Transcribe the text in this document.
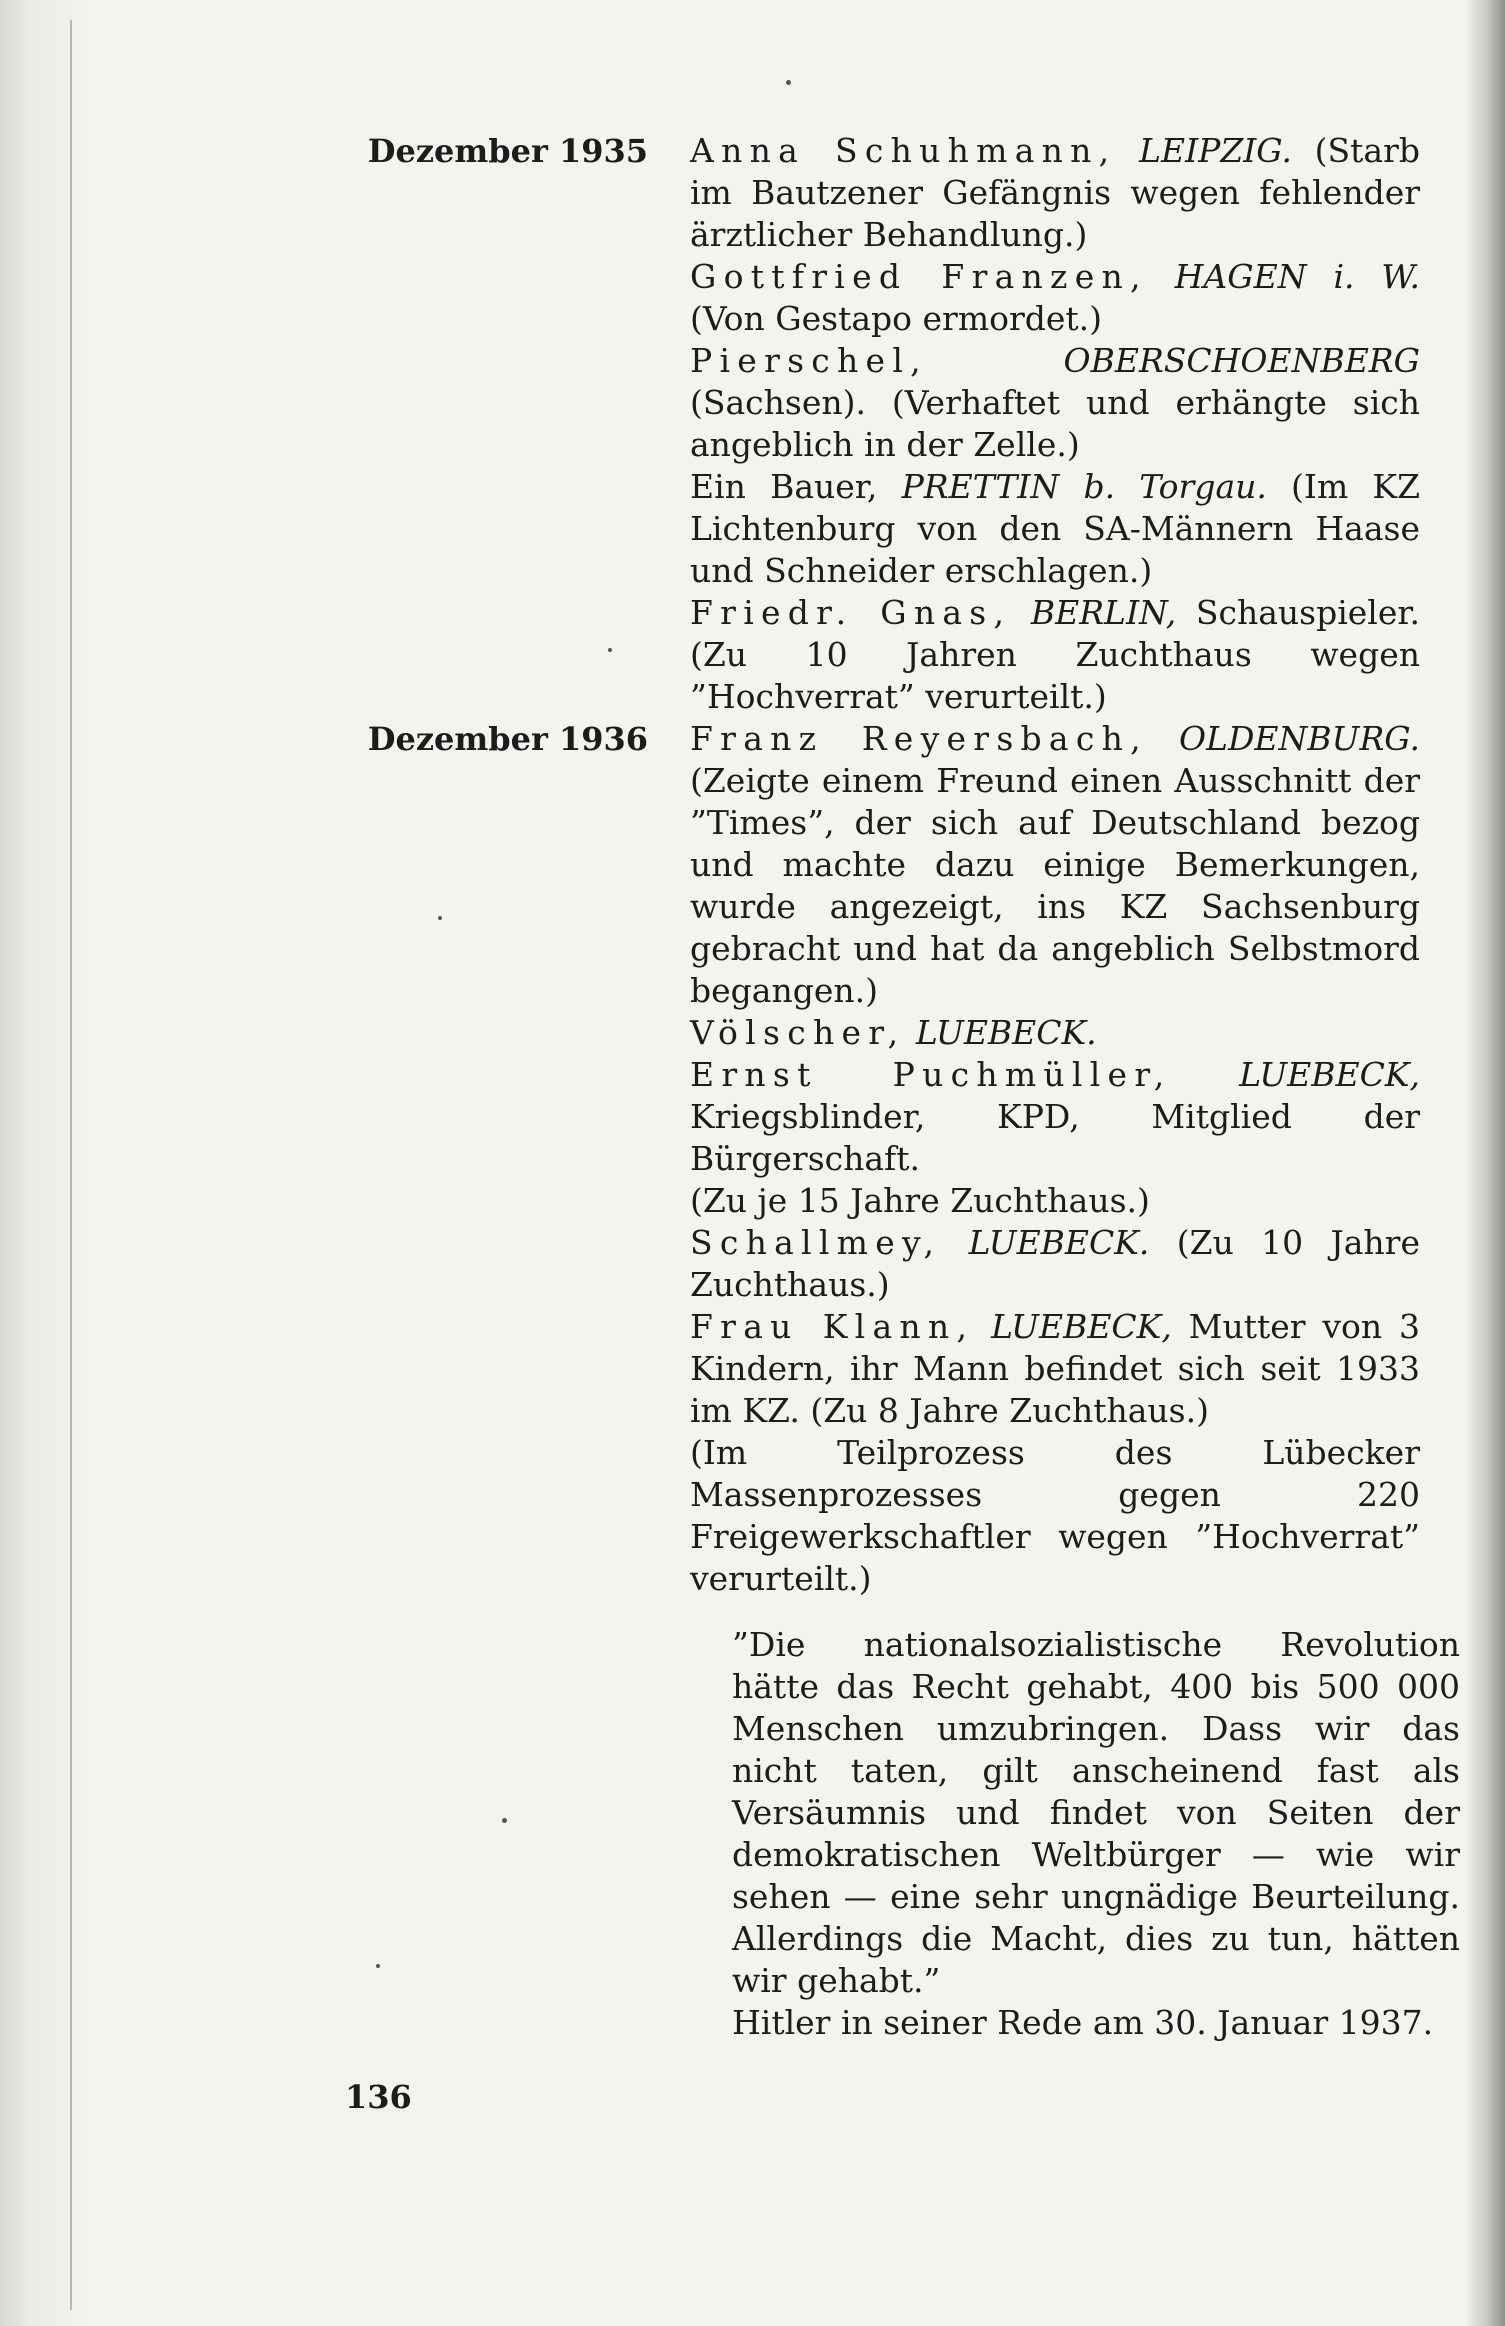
Dezember 1935	Anna Schuhmann, LEIPZIG. (Starb im Bautzener Gefängnis wegen fehlender ärztlicher Behandlung.)

Gottfried Franzen, HAGEN i. W. (Von Gestapo ermordet.)

Pierschel,	OBERSCHOENBERG (Sachsen). (Verhaftet und erhängte sich angeblich in der Zelle.)

Ein Bauer, PRETTIN b. Torgau. (Im KZ Lichtenburg von den SA-Männern Haase und Schneider erschlagen.)

Friedr. Gnas, BERLIN, Schauspieler. (Zu 10 Jahren Zuchthaus wegen ”Hochverrat” verurteilt.)

Dezember 1936	Franz Reyersbach, OLDENBURG. (Zeigte einem Freund einen Ausschnitt der ”Times”, der sich auf Deutschland bezog und machte dazu einige Bemerkungen, wurde angezeigt, ins KZ Sachsenburg gebracht und hat da angeblich Selbstmord begangen.)

Völscher, LUEBECK.

Ernst Puchmüller, LUEBECK, Kriegsblinder, KPD, Mitglied der Bürgerschaft.

(Zu je 15 Jahre Zuchthaus.)

Schallmey, LUEBECK. (Zu 10 Jahre Zuchthaus.)

Frau Klann, LUEBECK, Mutter von 3 Kindern, ihr Mann befindet sich seit 1933 im KZ. (Zu 8 Jahre Zuchthaus.)

(Im Teilprozess des Lübecker Massenprozesses gegen 220 Freigewerkschaftler wegen ”Hochverrat” verurteilt.)

”Die nationalsozialistische Revolution hätte das Recht gehabt, 400 bis 500 000 Menschen umzubringen. Dass wir das nicht taten, gilt anscheinend fast als Versäumnis und findet von Seiten der demokratischen Weltbürger — wie wir sehen — eine sehr ungnädige Beurteilung. Allerdings die Macht, dies zu tun, hätten wir gehabt.”

Hitler in seiner Rede am 30. Januar 1937.

136
